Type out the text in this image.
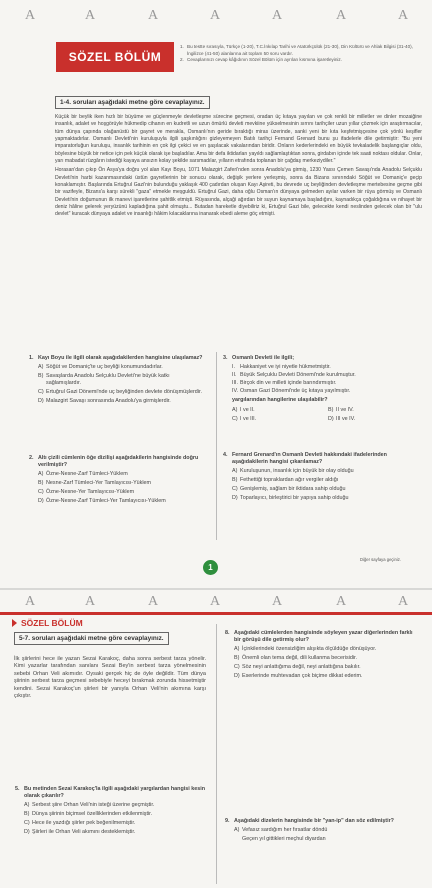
A	A	A	A	A	A	A
SÖZEL BÖLÜM
1. Bu testte sırasıyla, Türkçe (1-20), T.C.İnkılap Tarihi ve Atatürkçülük (21-30), Din Kültürü ve Ahlak Bilgisi (31-40), İngilizce (41-50) alanlarına ait toplam 50 soru vardır.
2. Cevaplarınızı cevap kâğıdının Sözel Bölüm için ayrılan kısmına işaretleyiniz.
1-4. soruları aşağıdaki metne göre cevaplayınız.

Küçük bir beylik iken hızlı bir büyüme ve güçlenmeyle devletleşme sürecine geçmesi, oradan üç kıtaya yayılan ve çok renkli bir milletler ve dinler mozaiğine insanlık, adalet ve hoşgörüyle hükmedip cihanın en kudretli ve uzun ömürlü devleti mevkiine yükselmesinin sırrını tarihçiler uzun yıllar çözmek için araştırmacılar, tüm dünya çapında olağanüstü bir gayret ve merakla, Osmanlı'nın geride bıraktığı miras üzerinde, sanki yeni bir kıta keşfetmişçesine çok yönlü keşifler yapmaktadırlar. Osmanlı Devleti'nin kuruluşuyla ilgili şaşkınlığını gizleyemeyen Batılı tarihçi Fernand Grenard bunu şu ifadelerle dile getirmiştir: "Bu yeni imparatorluğun kuruluşu, insanlık tarihinin en çok ilgi çekici ve en şaşılacak vakalarından biridir. Onların kederlerindeki en büyük tevkaladelik başlangıçlar oldu, böylesine büyük bir netice için pek küçük olarak işe başladılar. Ama bir defa iktidarları yayıldı sağlamlaştıktan sonra, girdabın içinde tek saati noktası oldular. Onlar, yarı mabadat rüzgârın istediği kayaya ansızın kolay şekilde sarsmadılar, yılların etrafında toplanan bir çağdaş merkeziydiler."

Horasan'dan çıkıp Ön Asya'ya doğru yol alan Kayı Boyu, 1071 Malazgirt Zaferi'nden sonra Anadolu'ya girmiş, 1230 Yassı Çemen Savaşı'nda Anadolu Selçuklu Devleti'nin harbi kazanmasındaki üstün gayretlerinin bir sonucu olarak, değişik yerlere yerleşmiş, sonra da Bizans sınırındaki Söğüt ve Domaniç'e geçip konaklamıştır. Başlarında Ertuğrul Gazi'nin bulunduğu yaklaşık 400 çadırdan oluşan Kayı Aşireti, bu devrede uç beyliğinden devletleşme mertebesine geçme gibi bir vazifeyle, Bizans'a karşı sürekli "gaza" etmekle meşguldü. Ertuğrul Gazi, daha oğlu Osman'ın dünyaya gelmeden ayılar varken bir rüya görmüş ve Osmanlı Devleti'nin doğumunun ilk manevi işaretlerine şahitlik etmişti. Rüyasında, alçaği ağırdan bir suyun kaynamaya başladığını, kaynadıkça çoğaldığına ve nihayet bir deniz hâline gelerek yeryüzünü kapladığına şahit olmuştu... Butadan hareketle diyebiliriz ki, Ertuğrul Gazi bile, gelecekte kendi neslinden gelecek olan bir "ulu devlet" kuracak dünyaya adalet ve insanlığı hâkim kılacaklarına inanarak ebedi aleme göç etmişti.

1. Kayı Boyu ile ilgili olarak aşağıdakilerden hangisine ulaşılamaz?
A) Söğüt ve Domaniç'te uç beyliği konumundadırlar.
B) Savaşlarda Anadolu Selçuklu Devleti'ne büyük katkı sağlamışlardır.
C) Ertuğrul Gazi Dönemi'nde uç beyliğinden devlete dönüşmüşlerdir.
D) Malazgirt Savaşı sonrasında Anadolu'ya girmişlerdir.
2. Altı çizili cümlenin öğe dizilişi aşağıdakilerin hangisinde doğru verilmiştir?
A) Özne-Nesne-Zarf Tümleci-Yüklem
B) Nesne-Zarf Tümleci-Yer Tamlayıcısı-Yüklem
C) Özne-Nesne-Yer Tamlayıcısı-Yüklem
D) Özne-Nesne-Zarf Tümleci-Yer Tamlayıcısı-Yüklem
3. Osmanlı Devleti ile ilgili;
I. Hakkaniyet ve iyi niyetle hükmetmiştir.
II. Büyük Selçuklu Devleti Dönemi'nde kurulmuştur.
III. Birçok din ve milleti içinde barındırmıştır.
IV. Osman Gazi Dönemi'nde üç kıtaya yayılmıştır.
yargılarından hangilerine ulaşılabilir?
A) I ve II.	B) II ve IV.
C) I ve III.	D) III ve IV.
4. Fernard Grenard'ın Osmanlı Devleti hakkındaki ifadelerinden aşağıdakilerin hangisi çıkarılamaz?
A) Kuruluşunun, insanlık için büyük bir olay olduğu
B) Fethettiği topraklardan ağır vergiler aldığı
C) Genişlemiş, sağlam bir iktidara sahip olduğu
D) Toparlayıcı, birleştirici bir yapıya sahip olduğu
Diğer sayfaya geçiniz.
1
A	A	A	A	A	A	A
SÖZEL BÖLÜM
5-7. soruları aşağıdaki metne göre cevaplayınız.
İlk şiirlerini hece ile yazan Sezai Karakoç, daha sonra serbest tarza yönelir. Kimi yazarlar tarafından sanılanı Sezai Bey'in serbest tarza yönelmesinin sebebi Orhan Veli akımıdır. Oysaki gerçek hiç de öyle değildir. Tüm dünya şiirinin serbest tarza geçmesi sebebiyle heceyi bırakmak zorunda hissetmiştir kendini. Sezai Karakoç'un şiirleri bir yanıyla Orhan Veli'nin akımına karşı çıkıştır.
5. Bu metinden Sezai Karakoç'la ilgili aşağıdaki yargılardan hangisi kesin olarak çıkarılır?
A) Serbest şiire Orhan Veli'nin isteği üzerine geçmiştir.
B) Dünya şiirinin biçimsel özelliklerinden etkilenmiştir.
C) Hece ile yazdığı şiirler pek beğenilmemiştir.
D) Şiirleri ile Orhan Veli akımını desteklemiştir.
8. Aşağıdaki cümlelerden hangisinde söyleyen yazar diğerlerinden farklı bir görüşü dile getirmiş olur?
A) İçinkilerindeki özensizliğim alışıkta ölçüldüğe dönüşüyor.
B) Önemli olan tema değil, dili kullanma becerisidir.
C) Söz neyi anlattığıma değil, neyi anlattığına bakılır.
D) Eserlerinde muhtevadan çok biçime dikkat ederim.
9. Aşağıdaki dizelerin hangisinde bir "yan-ip" dan söz edilmiştir?
A) Vefasız sardığım her fırsatlar döndü
Geçen yıl gittikleri meçhul diyardan
